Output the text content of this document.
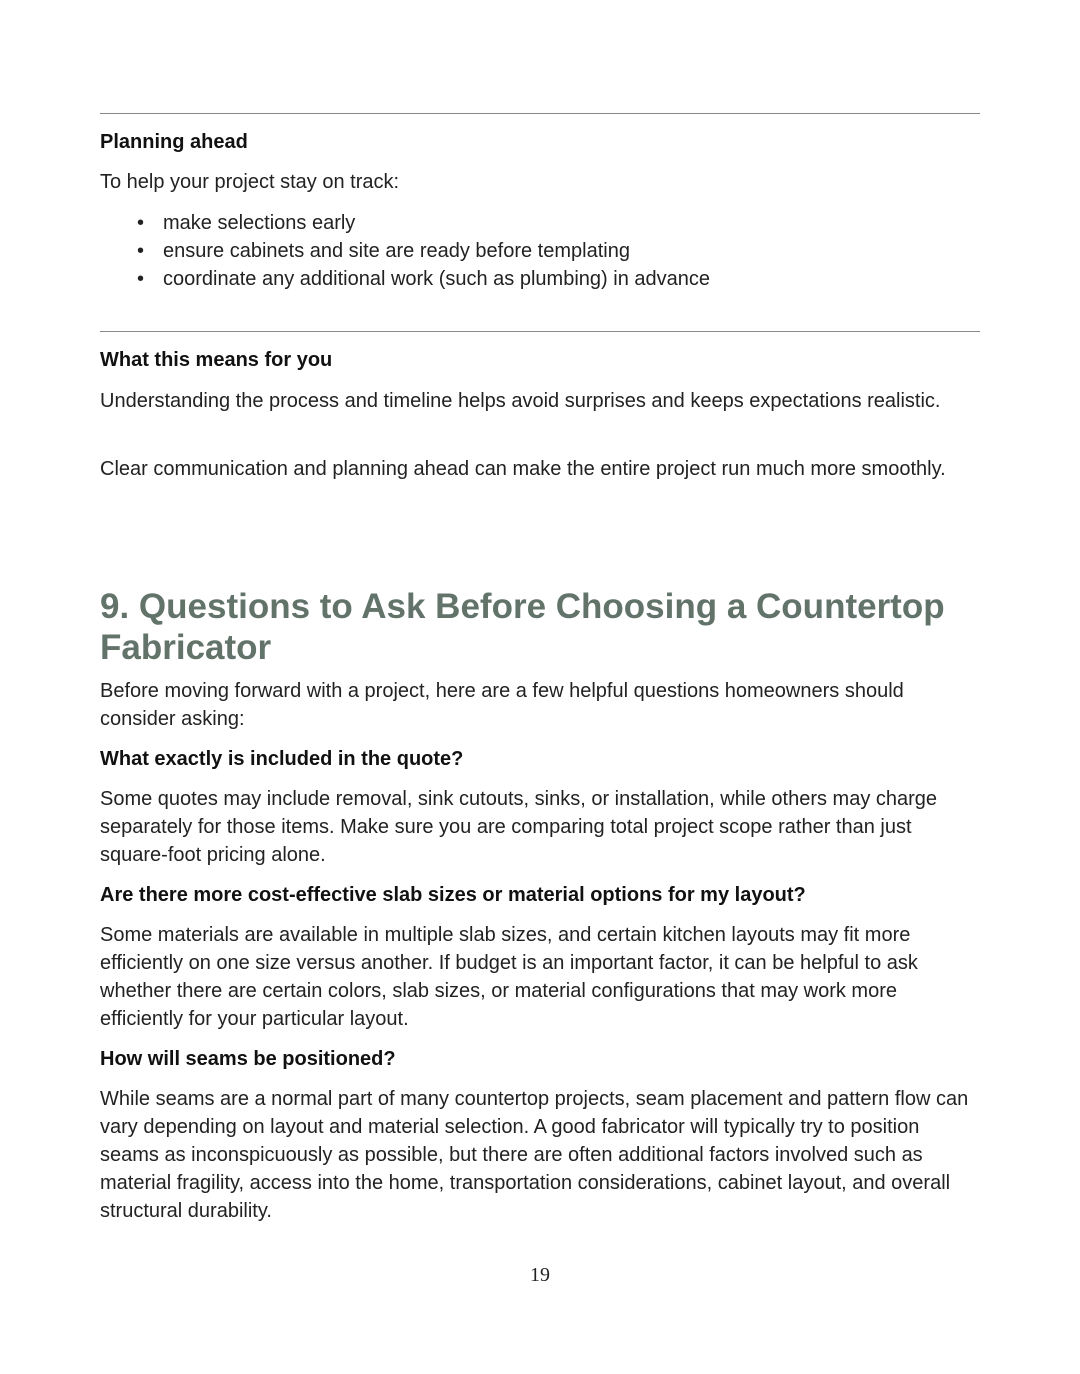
Planning ahead

To help your project stay on track:

• make selections early
• ensure cabinets and site are ready before templating
• coordinate any additional work (such as plumbing) in advance
What this means for you

Understanding the process and timeline helps avoid surprises and keeps expectations realistic.

Clear communication and planning ahead can make the entire project run much more smoothly.

9. Questions to Ask Before Choosing a Countertop Fabricator

Before moving forward with a project, here are a few helpful questions homeowners should consider asking:

What exactly is included in the quote?

Some quotes may include removal, sink cutouts, sinks, or installation, while others may charge separately for those items. Make sure you are comparing total project scope rather than just square-foot pricing alone.

Are there more cost-effective slab sizes or material options for my layout?

Some materials are available in multiple slab sizes, and certain kitchen layouts may fit more efficiently on one size versus another. If budget is an important factor, it can be helpful to ask whether there are certain colors, slab sizes, or material configurations that may work more efficiently for your particular layout.

How will seams be positioned?

While seams are a normal part of many countertop projects, seam placement and pattern flow can vary depending on layout and material selection. A good fabricator will typically try to position seams as inconspicuously as possible, but there are often additional factors involved such as material fragility, access into the home, transportation considerations, cabinet layout, and overall structural durability.

19
